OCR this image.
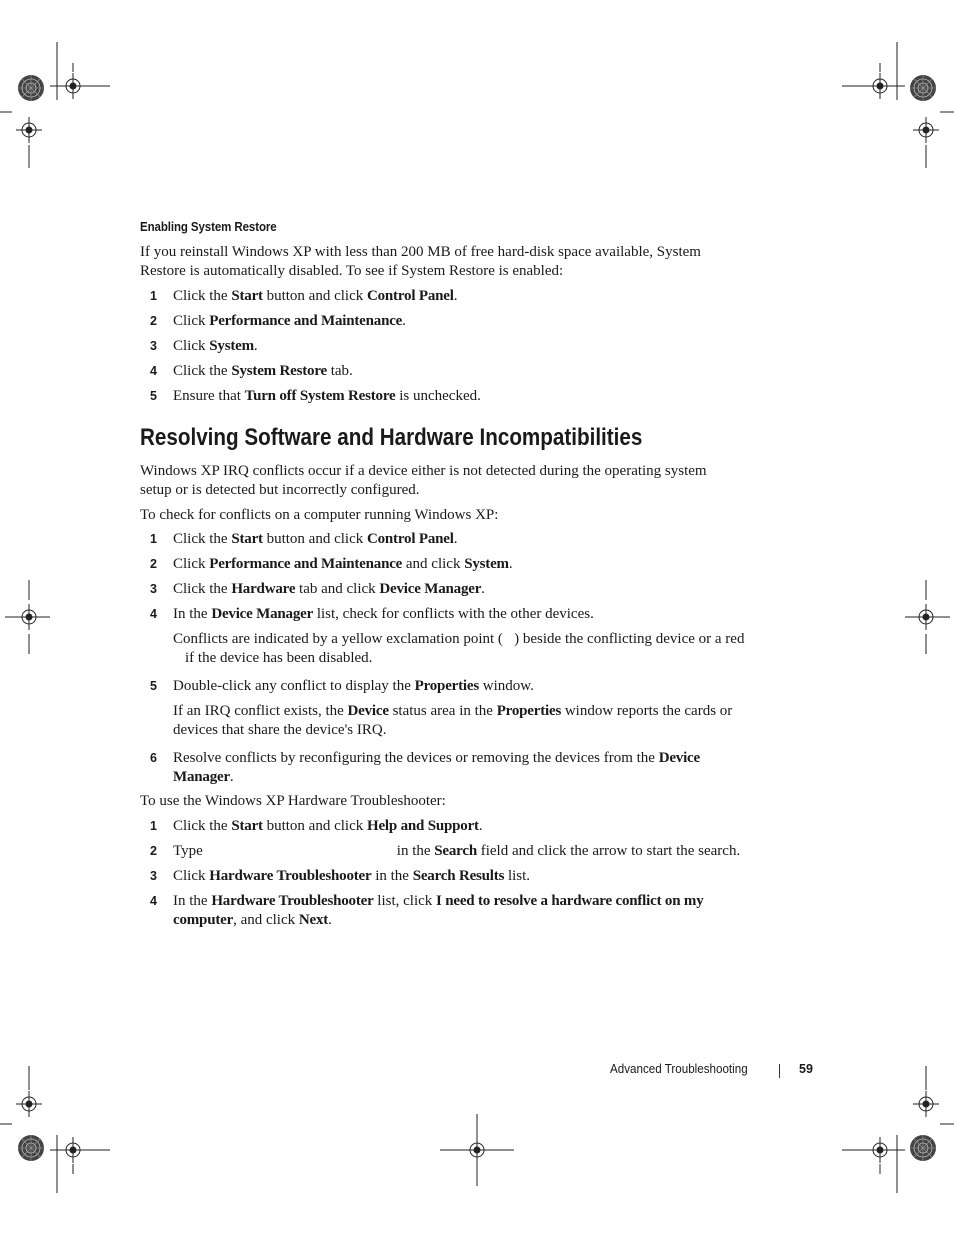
Enabling System Restore
If you reinstall Windows XP with less than 200 MB of free hard-disk space available, System
Restore is automatically disabled. To see if System Restore is enabled:
1 Click the Start button and click Control Panel.
2 Click Performance and Maintenance.
3 Click System.
4 Click the System Restore tab.
5 Ensure that Turn off System Restore is unchecked.
Resolving Software and Hardware Incompatibilities
Windows XP IRQ conflicts occur if a device either is not detected during the operating system
setup or is detected but incorrectly configured.
To check for conflicts on a computer running Windows XP:
1 Click the Start button and click Control Panel.
2 Click Performance and Maintenance and click System.
3 Click the Hardware tab and click Device Manager.
4 In the Device Manager list, check for conflicts with the other devices.
Conflicts are indicated by a yellow exclamation point (   ) beside the conflicting device or a red
if the device has been disabled.
5 Double-click any conflict to display the Properties window.
If an IRQ conflict exists, the Device status area in the Properties window reports the cards or
devices that share the device's IRQ.
6 Resolve conflicts by reconfiguring the devices or removing the devices from the Device
Manager.
To use the Windows XP Hardware Troubleshooter:
1 Click the Start button and click Help and Support.
2 Type	in the Search field and click the arrow to start the search.
3 Click Hardware Troubleshooter in the Search Results list.
4 In the Hardware Troubleshooter list, click I need to resolve a hardware conflict on my
computer, and click Next.
Advanced Troubleshooting	59
